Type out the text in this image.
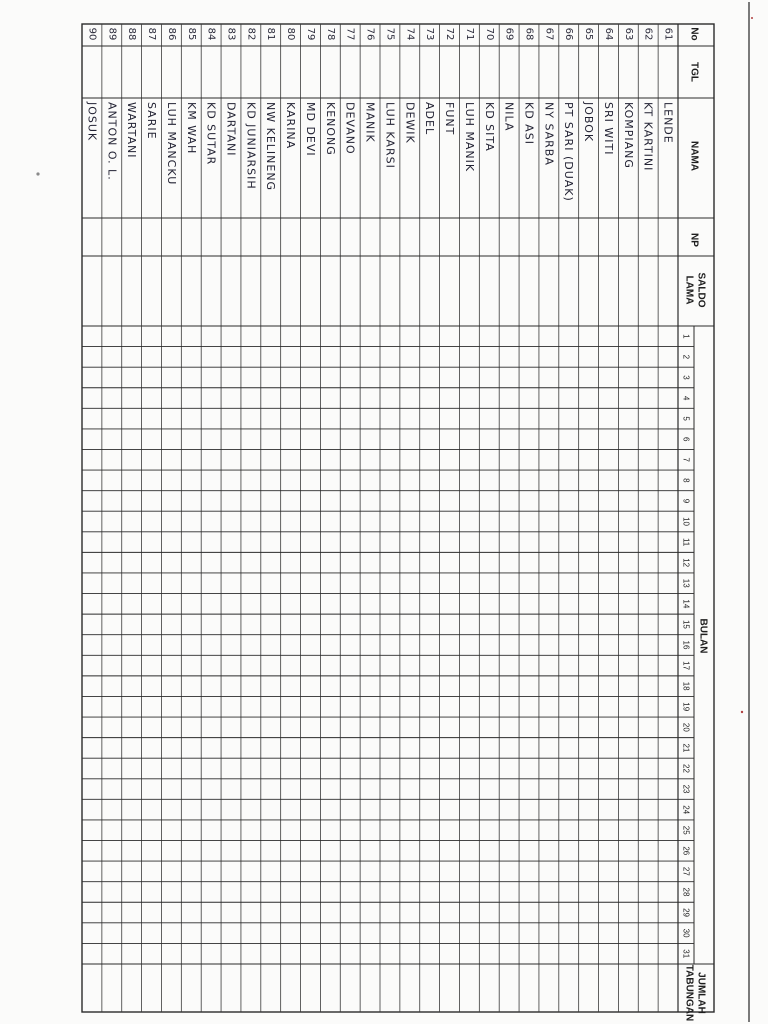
No
TGL
NAMA
NP
SALDO
LAMA
BULAN
JUMLAH
TABUNGAN
1
2
3
4
5
6
7
8
9
10
11
12
13
14
15
16
17
18
19
20
21
22
23
24
25
26
27
28
29
30
31
61
LENDE
62
KT KARTINI
63
KOMPIANG
64
SRI WITI
65
JOBOK
66
PT SARI (DUAK)
67
NY SARBA
68
KD ASI
69
NILA
70
KD SITA
71
LUH MANIK
72
FUNT
73
ADEL
74
DEWIK
75
LUH KARSI
76
MANIK
77
DEVANO
78
KENONG
79
MD DEVI
80
KARINA
81
NW KELINENG
82
KD JUNIARSIH
83
DARTANI
84
KD SUTAR
85
KM WAH
86
LUH MANCKU
87
SARIE
88
WARTANI
89
ANTON O. L.
90
JOSUK
